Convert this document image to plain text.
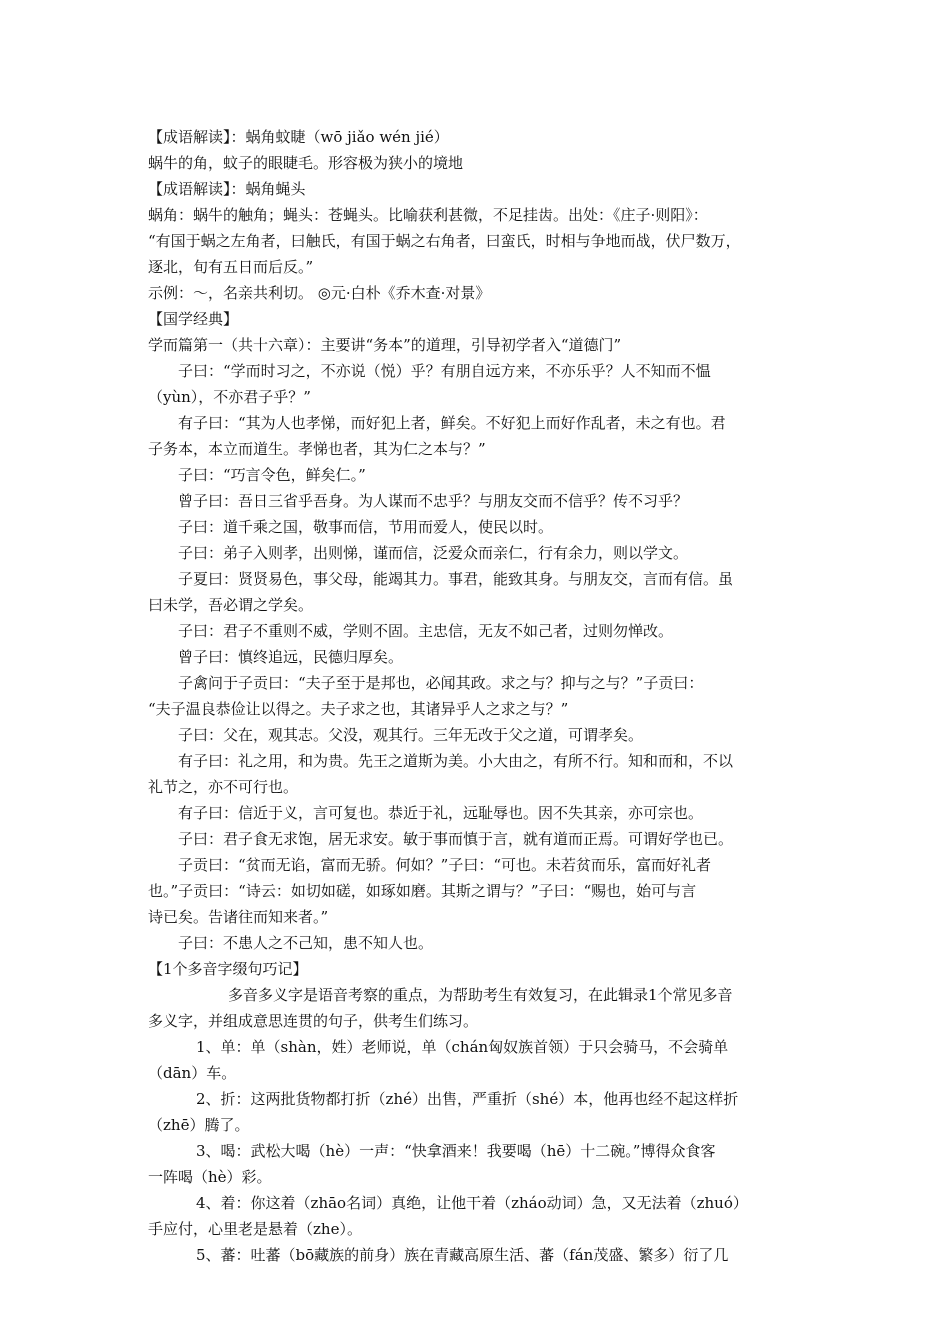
【成语解读】：蜗角蚊睫（wō jiǎo wén jié）
蜗牛的角，蚊子的眼睫毛。形容极为狭小的境地
【成语解读】：蜗角蝇头
蜗角：蜗牛的触角；蝇头：苍蝇头。比喻获利甚微，不足挂齿。出处：《庄子·则阳》：
“有国于蜗之左角者，曰触氏，有国于蜗之右角者，曰蛮氏，时相与争地而战，伏尸数万，
逐北，旬有五日而后反。”
示例：～，名亲共利切。 ◎元·白朴《乔木查·对景》
【国学经典】
学而篇第一（共十六章）：主要讲“务本”的道理，引导初学者入“道德门”
子曰：“学而时习之，不亦说（悦）乎？有朋自远方来，不亦乐乎？人不知而不愠
（yùn），不亦君子乎？”
有子曰：“其为人也孝悌，而好犯上者，鲜矣。不好犯上而好作乱者，未之有也。君
子务本，本立而道生。孝悌也者，其为仁之本与？”
子曰：“巧言令色，鲜矣仁。”
曾子曰：吾日三省乎吾身。为人谋而不忠乎？与朋友交而不信乎？传不习乎？
子曰：道千乘之国，敬事而信，节用而爱人，使民以时。
子曰：弟子入则孝，出则悌，谨而信，泛爱众而亲仁，行有余力，则以学文。
子夏曰：贤贤易色，事父母，能竭其力。事君，能致其身。与朋友交，言而有信。虽
曰未学，吾必谓之学矣。
子曰：君子不重则不威，学则不固。主忠信，无友不如己者，过则勿惮改。
曾子曰：慎终追远，民德归厚矣。
子禽问于子贡曰：“夫子至于是邦也，必闻其政。求之与？抑与之与？”子贡曰：
“夫子温良恭俭让以得之。夫子求之也，其诸异乎人之求之与？”
子曰：父在，观其志。父没，观其行。三年无改于父之道，可谓孝矣。
有子曰：礼之用，和为贵。先王之道斯为美。小大由之，有所不行。知和而和，不以
礼节之，亦不可行也。
有子曰：信近于义，言可复也。恭近于礼，远耻辱也。因不失其亲，亦可宗也。
子曰：君子食无求饱，居无求安。敏于事而慎于言，就有道而正焉。可谓好学也已。
子贡曰：“贫而无谄，富而无骄。何如？”子曰：“可也。未若贫而乐，富而好礼者
也。”子贡曰：“诗云：如切如磋，如琢如磨。其斯之谓与？”子曰：“赐也，始可与言
诗已矣。告诸往而知来者。”
子曰：不患人之不己知，患不知人也。
【1个多音字缀句巧记】
多音多义字是语音考察的重点，为帮助考生有效复习，在此辑录1个常见多音
多义字，并组成意思连贯的句子，供考生们练习。
1、单：单（shàn，姓）老师说，单（chán匈奴族首领）于只会骑马，不会骑单
（dān）车。
2、折：这两批货物都打折（zhé）出售，严重折（shé）本，他再也经不起这样折
（zhē）腾了。
3、喝：武松大喝（hè）一声：“快拿酒来！我要喝（hē）十二碗。”博得众食客
一阵喝（hè）彩。
4、着：你这着（zhāo名词）真绝，让他干着（zháo动词）急，又无法着（zhuó）
手应付，心里老是悬着（zhe）。
5、蕃：吐蕃（bō藏族的前身）族在青藏高原生活、蕃（fán茂盛、繁多）衍了几
